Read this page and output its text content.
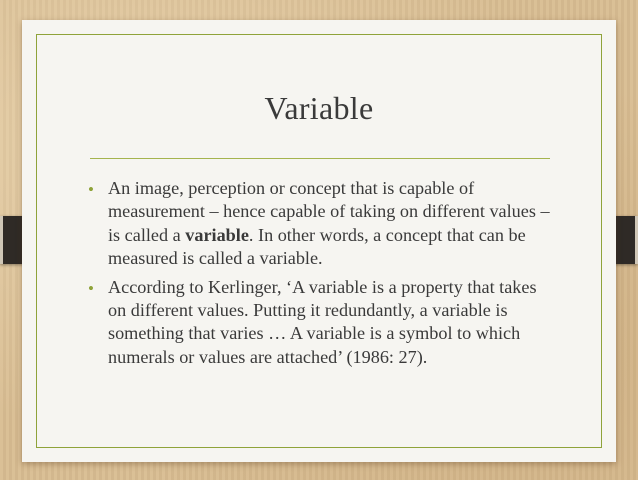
Variable
• An image, perception or concept that is capable of measurement – hence capable of taking on different values – is called a variable. In other words, a concept that can be measured is called a variable.
• According to Kerlinger, ‘A variable is a property that takes on different values. Putting it redundantly, a variable is something that varies … A variable is a symbol to which numerals or values are attached’ (1986: 27).
